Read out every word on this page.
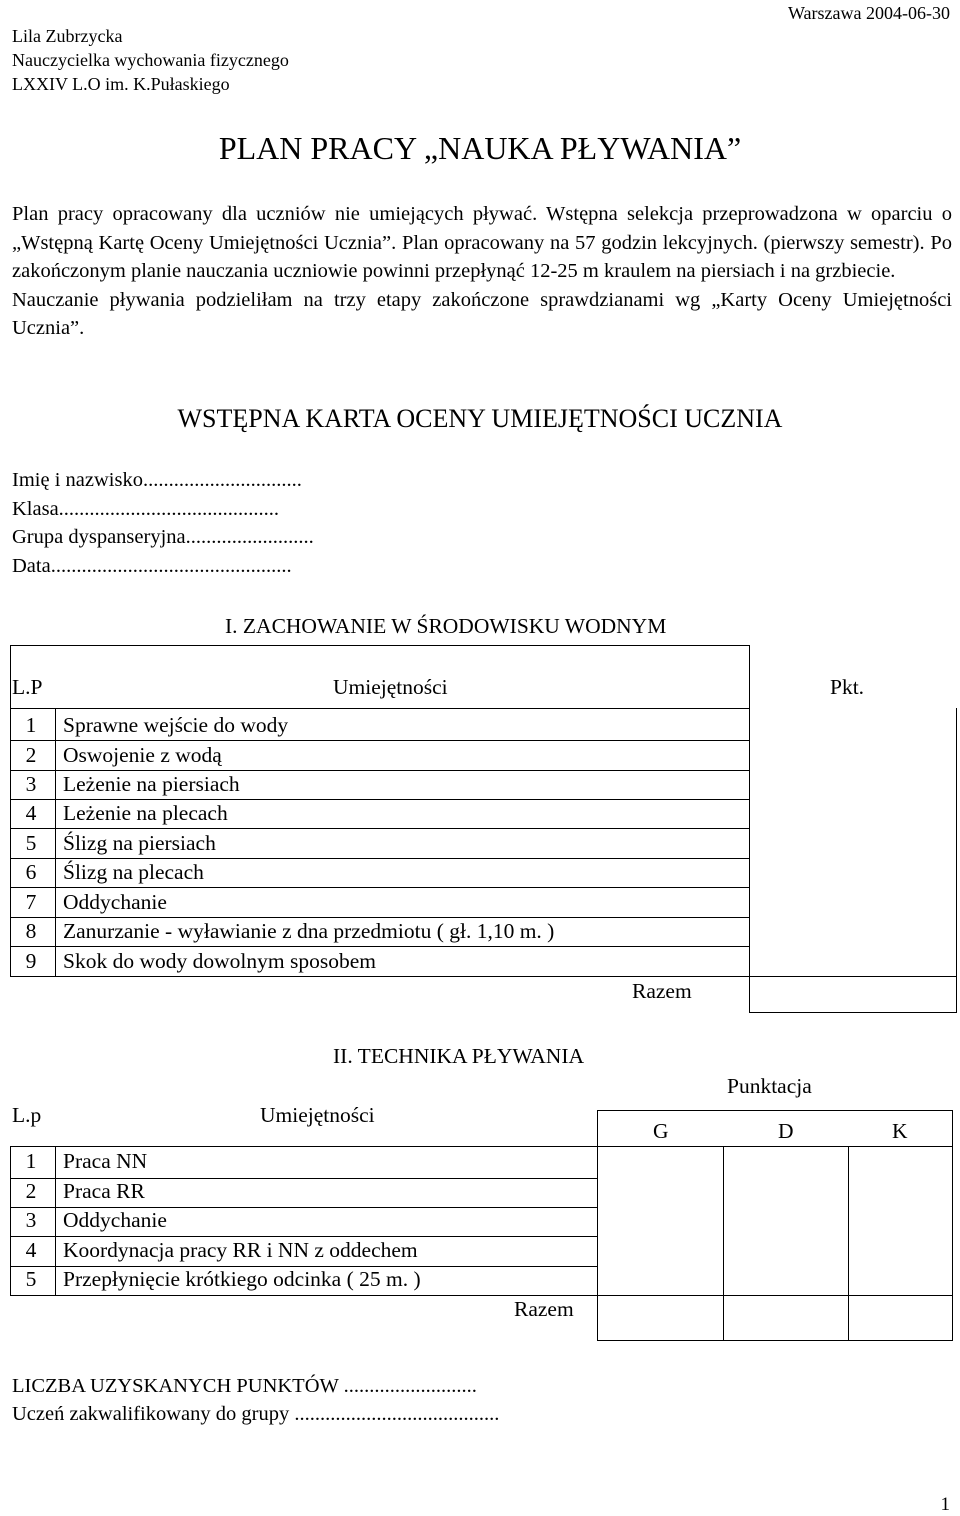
Lila Zubrzycka
Nauczycielka wychowania fizycznego
LXXIV L.O im. K.Pułaskiego
Warszawa 2004-06-30
PLAN PRACY „NAUKA PŁYWANIA”

Plan pracy opracowany dla uczniów nie umiejących pływać. Wstępna selekcja przeprowadzona w oparciu o „Wstępną Kartę Oceny Umiejętności Ucznia”. Plan opracowany na 57 godzin lekcyjnych. (pierwszy semestr). Po zakończonym planie nauczania uczniowie powinni przepłynąć 12-25 m kraulem na piersiach i na grzbiecie.

Nauczanie pływania podzieliłam na trzy etapy zakończone sprawdzianami wg „Karty Oceny Umiejętności Ucznia”.

WSTĘPNA KARTA OCENY UMIEJĘTNOŚCI UCZNIA
Imię i nazwisko...............................
Klasa...........................................
Grupa dyspanseryjna.........................
Data...............................................
I. ZACHOWANIE W ŚRODOWISKU WODNYM
L.P	Umiejętności	Pkt.
1	Sprawne wejście do wody
2	Oswojenie z wodą
3	Leżenie na piersiach
4	Leżenie na plecach
5	Ślizg na piersiach
6	Ślizg na plecach
7	Oddychanie
8	Zanurzanie - wyławianie z dna przedmiotu ( gł. 1,10 m. )
9	Skok do wody dowolnym sposobem
Razem
II. TECHNIKA PŁYWANIA
Punktacja
L.p	Umiejętności
G	D	K
1	Praca NN
2	Praca RR
3	Oddychanie
4	Koordynacja pracy RR i NN z oddechem
5	Przepłynięcie krótkiego odcinka ( 25 m. )
Razem
LICZBA UZYSKANYCH PUNKTÓW ..........................
Uczeń zakwalifikowany do grupy ........................................
1
